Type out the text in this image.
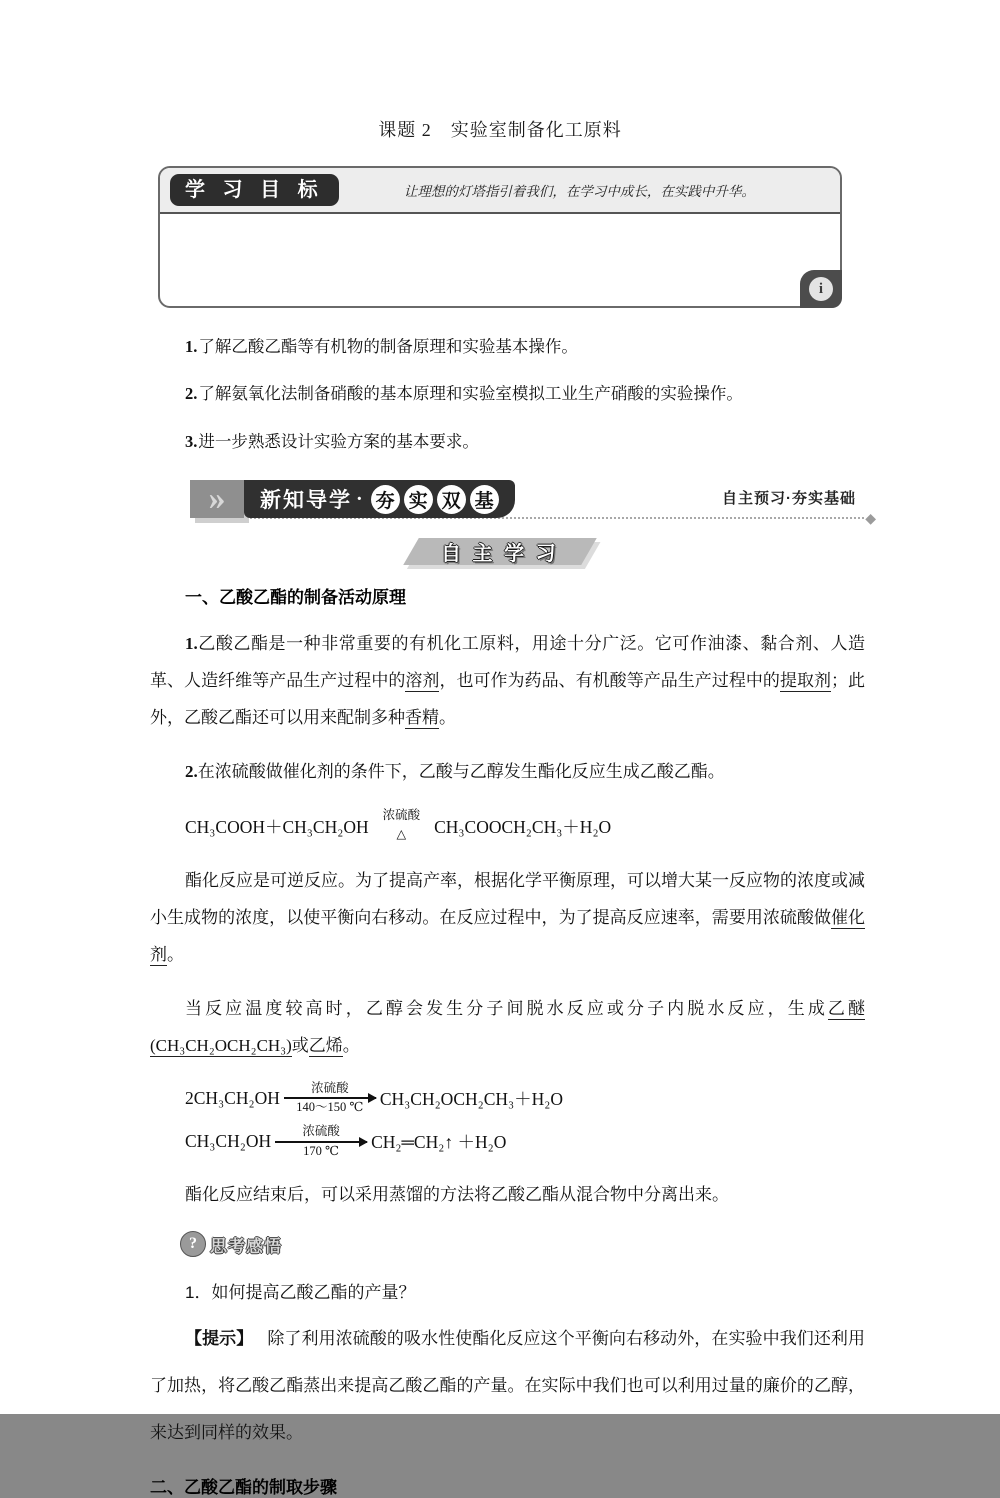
课题 2　实验室制备化工原料
学 习 目 标	让理想的灯塔指引着我们，在学习中成长，在实践中升华。
i
1.了解乙酸乙酯等有机物的制备原理和实验基本操作。
2.了解氨氧化法制备硝酸的基本原理和实验室模拟工业生产硝酸的实验操作。
3.进一步熟悉设计实验方案的基本要求。
»	新知导学 · 夯 实 双 基	自主预习·夯实基础
◆
自 主 学 习
一、乙酸乙酯的制备活动原理

1.乙酸乙酯是一种非常重要的有机化工原料，用途十分广泛。它可作油漆、黏合剂、人造革、人造纤维等产品生产过程中的溶剂，也可作为药品、有机酸等产品生产过程中的提取剂；此外，乙酸乙酯还可以用来配制多种香精。

2.在浓硫酸做催化剂的条件下，乙酸与乙醇发生酯化反应生成乙酸乙酯。

CH₃COOH＋CH₃CH₂OH
浓硫酸
△ CH₃COOCH₂CH₃＋H₂O

酯化反应是可逆反应。为了提高产率，根据化学平衡原理，可以增大某一反应物的浓度或减小生成物的浓度，以使平衡向右移动。在反应过程中，为了提高反应速率，需要用浓硫酸做催化剂。

当反应温度较高时，乙醇会发生分子间脱水反应或分子内脱水反应，生成乙醚(CH₃CH₂OCH₂CH₃)或乙烯。

2CH₃CH₂OH
浓硫酸
140～150 ℃ CH₃CH₂OCH₂CH₃＋H₂O
CH₃CH₂OH
浓硫酸
170 ℃ CH₂═CH₂↑ ＋H₂O

酯化反应结束后，可以采用蒸馏的方法将乙酸乙酯从混合物中分离出来。

? 思考感悟
1．如何提高乙酸乙酯的产量？

【提示】 除了利用浓硫酸的吸水性使酯化反应这个平衡向右移动外，在实验中我们还利用了加热，将乙酸乙酯蒸出来提高乙酸乙酯的产量。在实际中我们也可以利用过量的廉价的乙醇，来达到同样的效果。

二、乙酸乙酯的制取步骤
